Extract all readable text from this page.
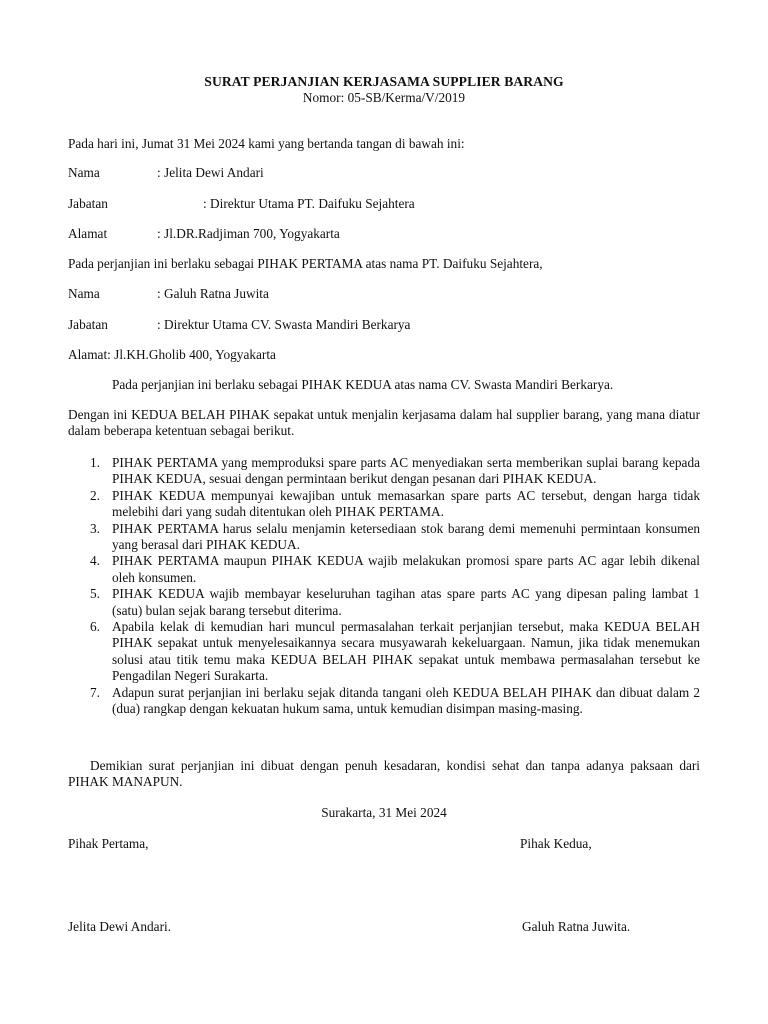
SURAT PERJANJIAN KERJASAMA SUPPLIER BARANG
Nomor: 05-SB/Kerma/V/2019
Pada hari ini, Jumat 31 Mei 2024 kami yang bertanda tangan di bawah ini:
Nama	: Jelita Dewi Andari
Jabatan	: Direktur Utama PT. Daifuku Sejahtera
Alamat	: Jl.DR.Radjiman 700, Yogyakarta
Pada perjanjian ini berlaku sebagai PIHAK PERTAMA atas nama PT. Daifuku Sejahtera,
Nama	: Galuh Ratna Juwita
Jabatan	: Direktur Utama CV. Swasta Mandiri Berkarya
Alamat: Jl.KH.Gholib 400, Yogyakarta
Pada perjanjian ini berlaku sebagai PIHAK KEDUA atas nama CV. Swasta Mandiri Berkarya.
Dengan ini KEDUA BELAH PIHAK sepakat untuk menjalin kerjasama dalam hal supplier barang, yang mana diatur dalam beberapa ketentuan sebagai berikut.
1. PIHAK PERTAMA yang memproduksi spare parts AC menyediakan serta memberikan suplai barang kepada PIHAK KEDUA, sesuai dengan permintaan berikut dengan pesanan dari PIHAK KEDUA.
2. PIHAK KEDUA mempunyai kewajiban untuk memasarkan spare parts AC tersebut, dengan harga tidak melebihi dari yang sudah ditentukan oleh PIHAK PERTAMA.
3. PIHAK PERTAMA harus selalu menjamin ketersediaan stok barang demi memenuhi permintaan konsumen yang berasal dari PIHAK KEDUA.
4. PIHAK PERTAMA maupun PIHAK KEDUA wajib melakukan promosi spare parts AC agar lebih dikenal oleh konsumen.
5. PIHAK KEDUA wajib membayar keseluruhan tagihan atas spare parts AC yang dipesan paling lambat 1 (satu) bulan sejak barang tersebut diterima.
6. Apabila kelak di kemudian hari muncul permasalahan terkait perjanjian tersebut, maka KEDUA BELAH PIHAK sepakat untuk menyelesaikannya secara musyawarah kekeluargaan. Namun, jika tidak menemukan solusi atau titik temu maka KEDUA BELAH PIHAK sepakat untuk membawa permasalahan tersebut ke Pengadilan Negeri Surakarta.
7. Adapun surat perjanjian ini berlaku sejak ditanda tangani oleh KEDUA BELAH PIHAK dan dibuat dalam 2 (dua) rangkap dengan kekuatan hukum sama, untuk kemudian disimpan masing-masing.
Demikian surat perjanjian ini dibuat dengan penuh kesadaran, kondisi sehat dan tanpa adanya paksaan dari PIHAK MANAPUN.
Surakarta, 31 Mei 2024
Pihak Pertama,	Pihak Kedua,
Jelita Dewi Andari.	Galuh Ratna Juwita.
